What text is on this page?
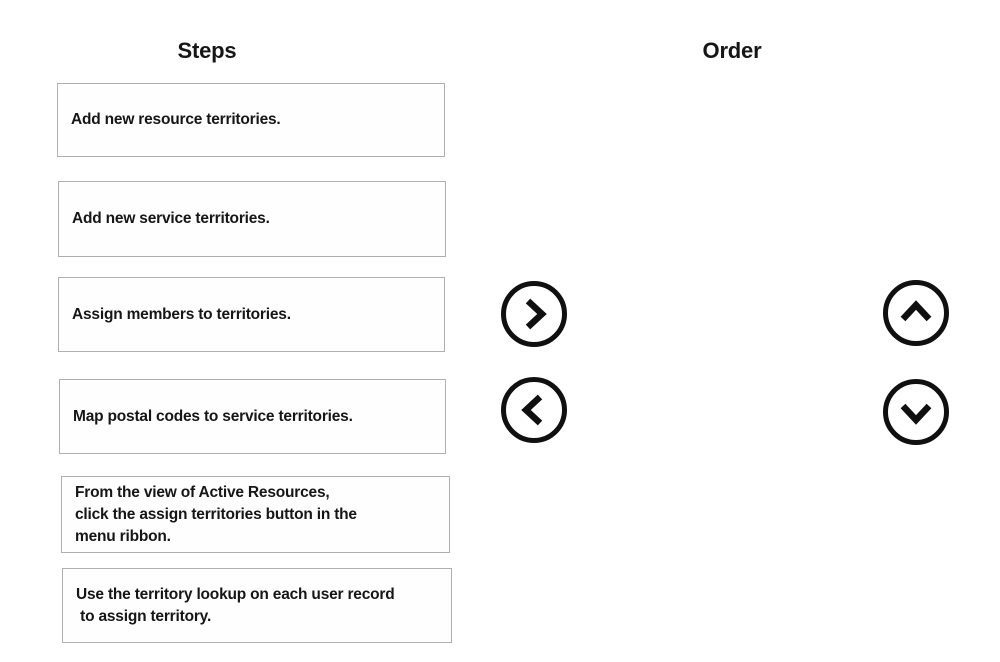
Steps	Order
Add new resource territories.
Add new service territories.
Assign members to territories.
Map postal codes to service territories.
From the view of Active Resources,
click the assign territories button in the
menu ribbon.
Use the territory lookup on each user record
to assign territory.
